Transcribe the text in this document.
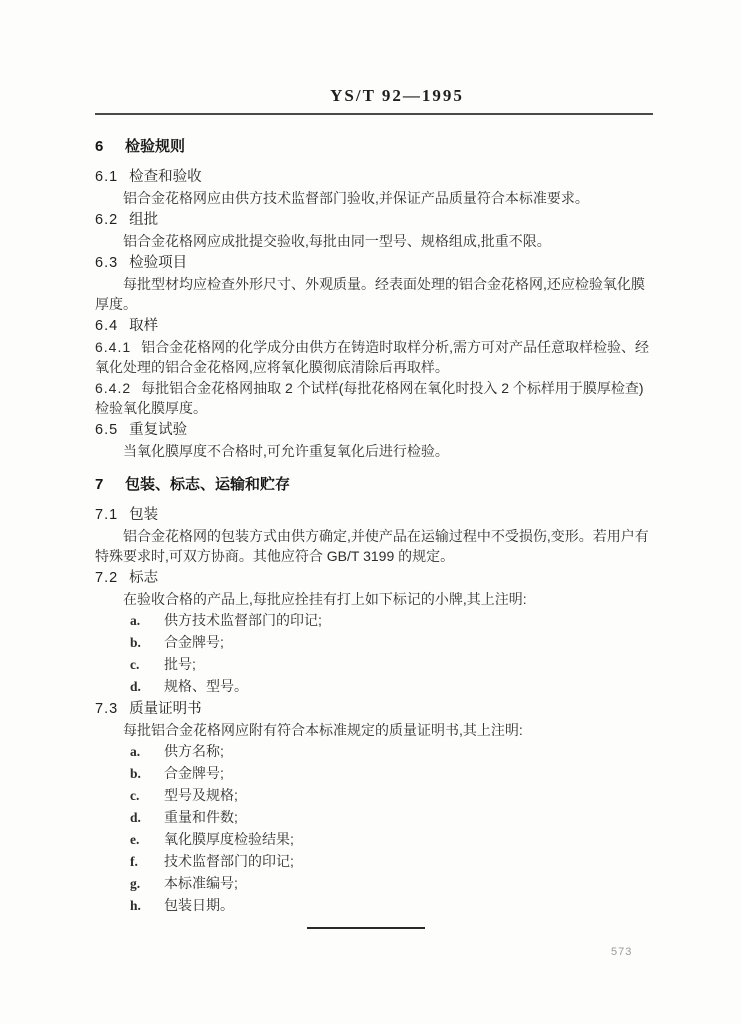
YS/T 92—1995
6 检验规则
6.1 检查和验收
铝合金花格网应由供方技术监督部门验收,并保证产品质量符合本标准要求。
6.2 组批
铝合金花格网应成批提交验收,每批由同一型号、规格组成,批重不限。
6.3 检验项目
每批型材均应检查外形尺寸、外观质量。经表面处理的铝合金花格网,还应检验氧化膜厚度。
6.4 取样
6.4.1 铝合金花格网的化学成分由供方在铸造时取样分析,需方可对产品任意取样检验、经氧化处理的铝合金花格网,应将氧化膜彻底清除后再取样。
6.4.2 每批铝合金花格网抽取 2 个试样(每批花格网在氧化时投入 2 个标样用于膜厚检查)检验氧化膜厚度。
6.5 重复试验
当氧化膜厚度不合格时,可允许重复氧化后进行检验。
7 包装、标志、运输和贮存
7.1 包装
铝合金花格网的包装方式由供方确定,并使产品在运输过程中不受损伤,变形。若用户有特殊要求时,可双方协商。其他应符合 GB/T 3199 的规定。
7.2 标志
在验收合格的产品上,每批应拴挂有打上如下标记的小牌,其上注明:
a. 供方技术监督部门的印记;
b. 合金牌号;
c. 批号;
d. 规格、型号。
7.3 质量证明书
每批铝合金花格网应附有符合本标准规定的质量证明书,其上注明:
a. 供方名称;
b. 合金牌号;
c. 型号及规格;
d. 重量和件数;
e. 氧化膜厚度检验结果;
f. 技术监督部门的印记;
g. 本标准编号;
h. 包装日期。
573
